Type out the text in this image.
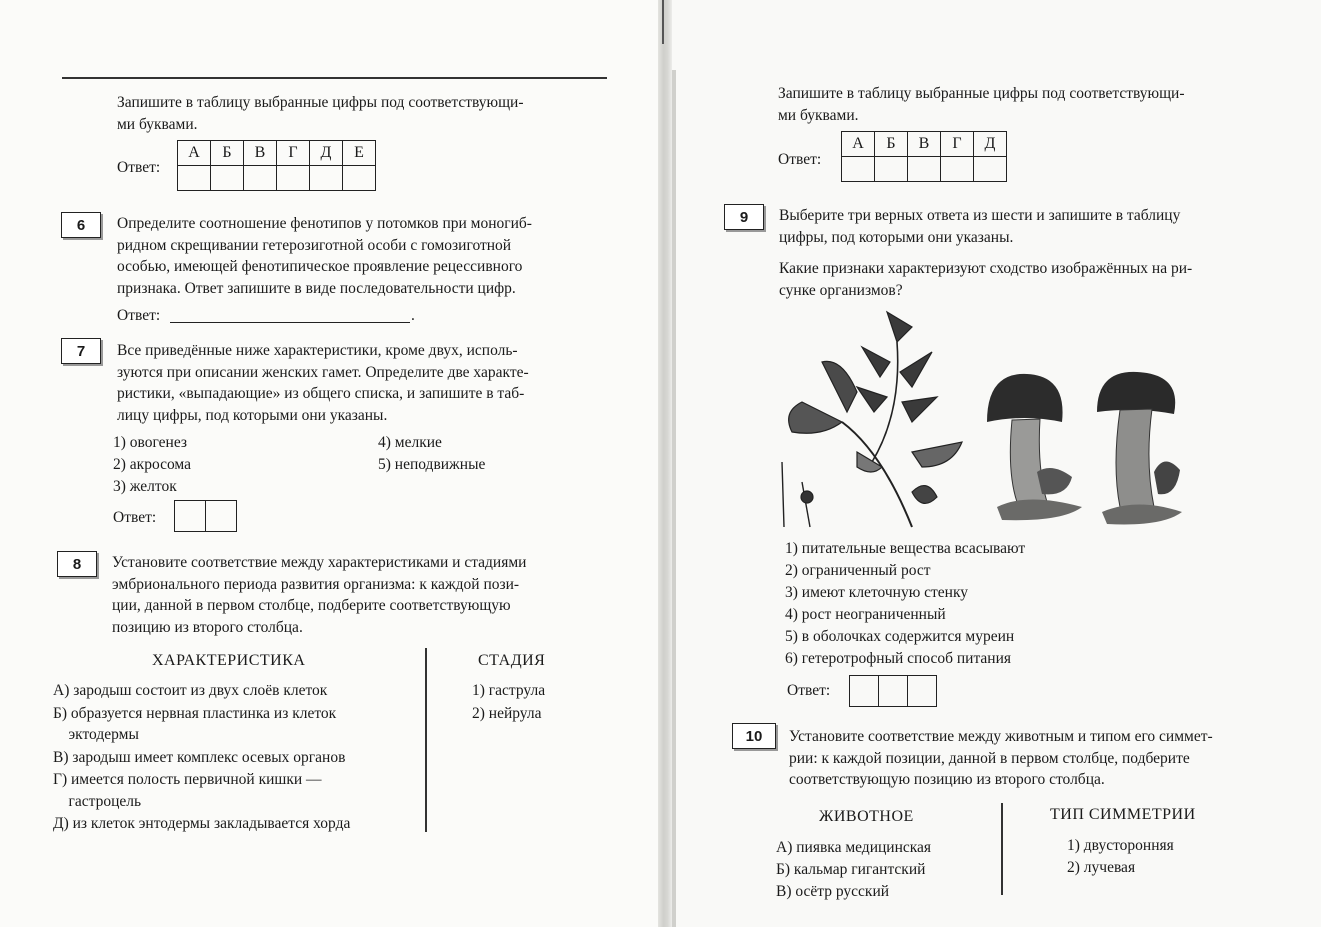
Запишите в таблицу выбранные цифры под соответствующи-
ми буквами.

Ответ:
А	Б	В	Г	Д	Е

6	Определите соотношение фенотипов у потомков при моногиб-
ридном скрещивании гетерозиготной особи с гомозиготной
особью, имеющей фенотипическое проявление рецессивного
признака. Ответ запишите в виде последовательности цифр.

Ответ:	.
7	Все приведённые ниже характеристики, кроме двух, исполь-
зуются при описании женских гамет. Определите две характе-
ристики, «выпадающие» из общего списка, и запишите в таб-
лицу цифры, под которыми они указаны.

1) овогенез
2) акросома
3) желток
4) мелкие
5) неподвижные
Ответ:

8	Установите соответствие между характеристиками и стадиями
эмбрионального периода развития организма: к каждой пози-
ции, данной в первом столбце, подберите соответствующую
позицию из второго столбца.

ХАРАКТЕРИСТИКА	СТАДИЯ

А) зародыш состоит из двух слоёв клеток

Б) образуется нервная пластинка из клеток
эктодермы

В) зародыш имеет комплекс осевых органов

Г) имеется полость первичной кишки —
гастроцель

Д) из клеток энтодермы закладывается хорда

1) гаструла
2) нейрула

Запишите в таблицу выбранные цифры под соответствующи-
ми буквами.

Ответ:
А	Б	В	Г	Д

9	Выберите три верных ответа из шести и запишите в таблицу
цифры, под которыми они указаны.

Какие признаки характеризуют сходство изображённых на ри-
сунке организмов?

1) питательные вещества всасывают

2) ограниченный рост

3) имеют клеточную стенку

4) рост неограниченный

5) в оболочках содержится муреин

6) гетеротрофный способ питания

Ответ:

10	Установите соответствие между животным и типом его симмет-
рии: к каждой позиции, данной в первом столбце, подберите
соответствующую позицию из второго столбца.

ЖИВОТНОЕ	ТИП СИММЕТРИИ
А) пиявка медицинская
Б) кальмар гигантский
В) осётр русский
1) двусторонняя
2) лучевая
